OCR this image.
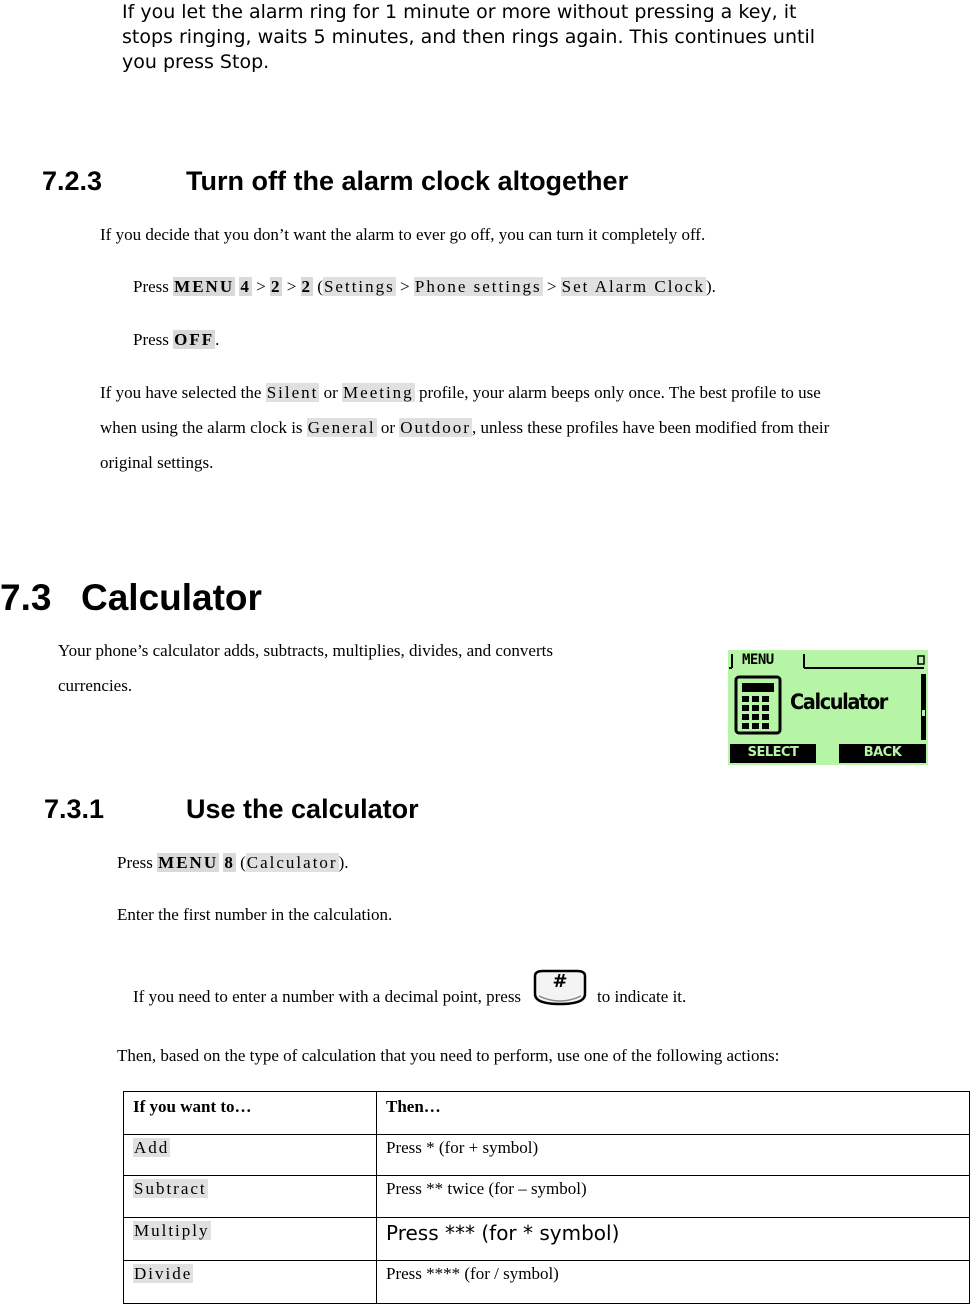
If you let the alarm ring for 1 minute or more without pressing a key, it
stops ringing, waits 5 minutes, and then rings again. This continues until
you press Stop.
7.2.3	Turn off the alarm clock altogether
If you decide that you don’t want the alarm to ever go off, you can turn it completely off.
Press MENU 4 > 2 > 2 (Settings > Phone settings > Set Alarm Clock).
Press OFF.
If you have selected the Silent or Meeting profile, your alarm beeps only once. The best profile to use
when using the alarm clock is General or Outdoor, unless these profiles have been modified from their
original settings.
7.3 Calculator
Your phone’s calculator adds, subtracts, multiplies, divides, and converts
currencies.
MENU
Calculator
SELECT	BACK
7.3.1	Use the calculator
Press MENU 8 (Calculator).
Enter the first number in the calculation.
If you need to enter a number with a decimal point, press
#
to indicate it.
Then, based on the type of calculation that you need to perform, use one of the following actions:
If you want to…	Then…
Add	Press * (for + symbol)
Subtract	Press ** twice (for – symbol)
Multiply	Press *** (for * symbol)
Divide	Press **** (for / symbol)
